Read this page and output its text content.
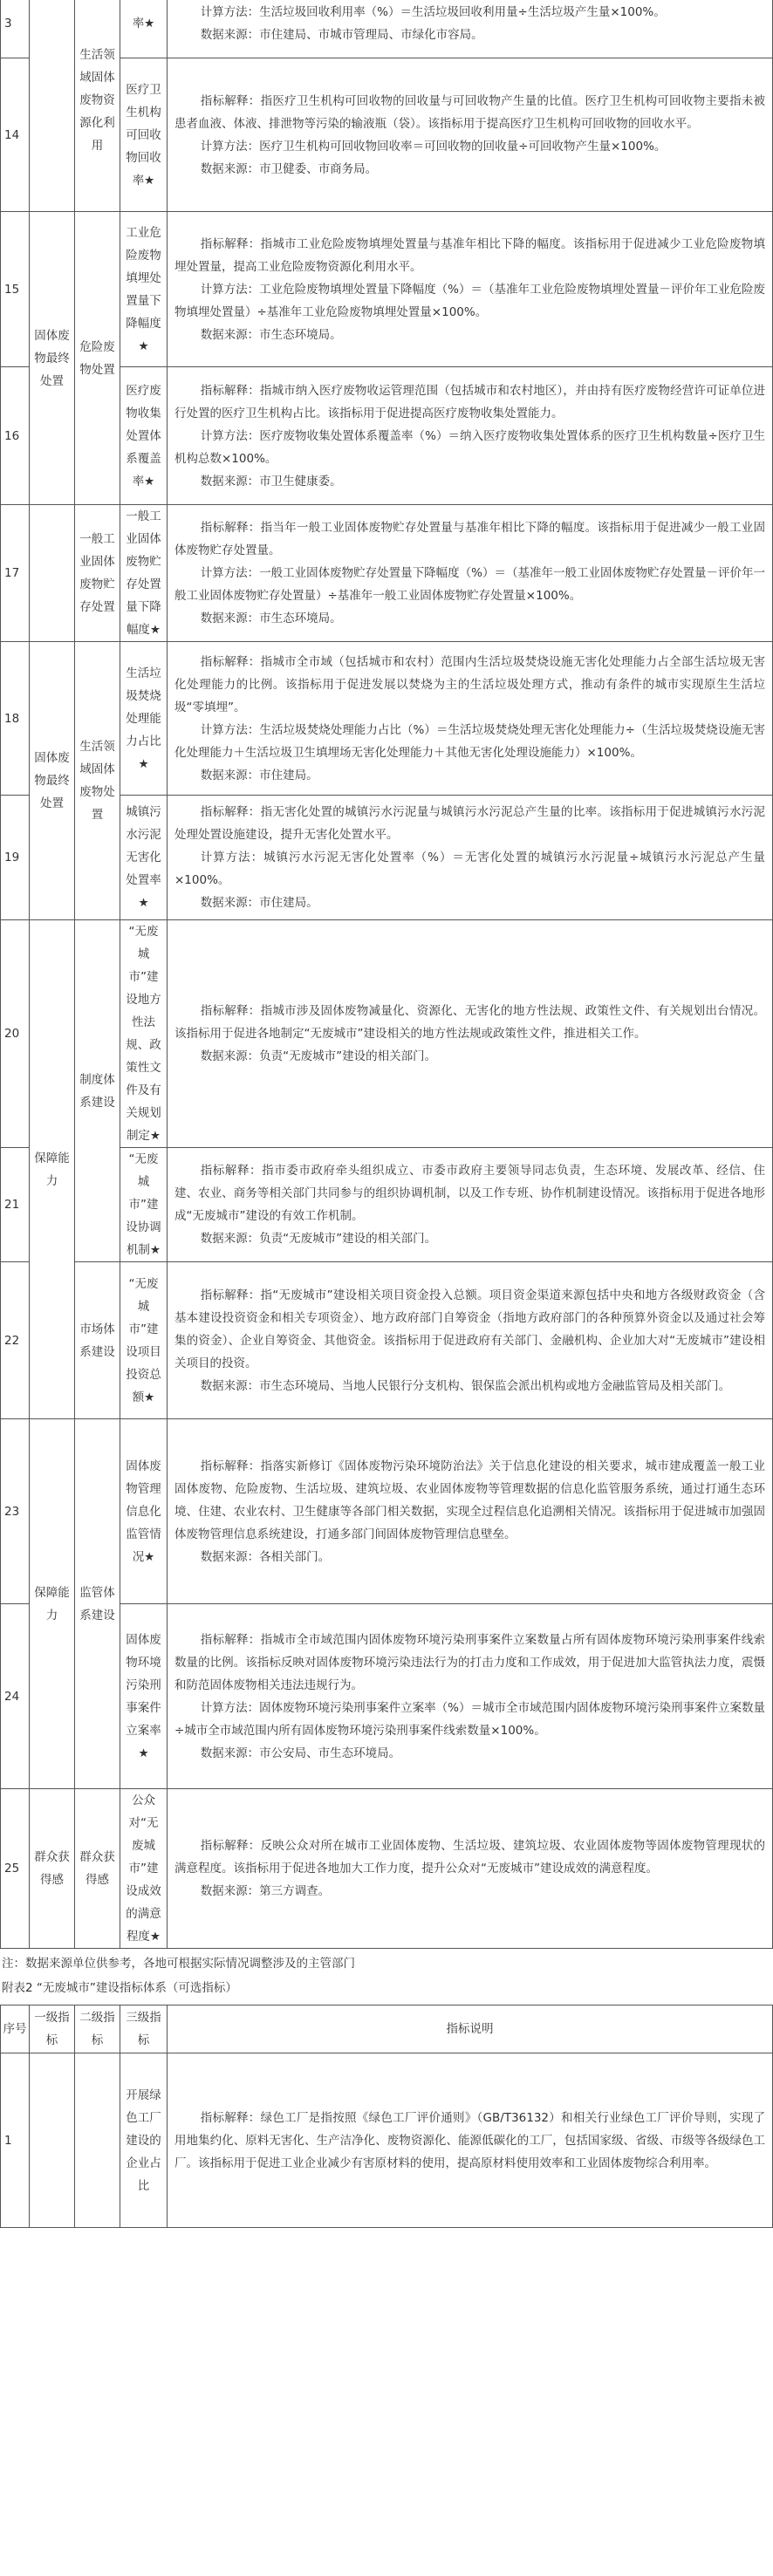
3		生活领域固体废物资源化利用	率★	计算方法：生活垃圾回收利用率（%）＝生活垃圾回收利用量÷生活垃圾产生量×100%。

数据来源：市住建局、市城市管理局、市绿化市容局。

14			医疗卫生机构可回收物回收率★	指标解释：指医疗卫生机构可回收物的回收量与可回收物产生量的比值。医疗卫生机构可回收物主要指未被患者血液、体液、排泄物等污染的输液瓶（袋）。该指标用于提高医疗卫生机构可回收物的回收水平。

计算方法：医疗卫生机构可回收物回收率＝可回收物的回收量÷可回收物产生量×100%。

数据来源：市卫健委、市商务局。

15	固体废物最终处置	危险废物处置	工业危险废物填埋处置量下降幅度★	指标解释：指城市工业危险废物填埋处置量与基准年相比下降的幅度。该指标用于促进减少工业危险废物填埋处置量，提高工业危险废物资源化利用水平。

计算方法：工业危险废物填埋处置量下降幅度（%）＝（基准年工业危险废物填埋处置量－评价年工业危险废物填埋处置量）÷基准年工业危险废物填埋处置量×100%。

数据来源：市生态环境局。

16			医疗废物收集处置体系覆盖率★	指标解释：指城市纳入医疗废物收运管理范围（包括城市和农村地区），并由持有医疗废物经营许可证单位进行处置的医疗卫生机构占比。该指标用于促进提高医疗废物收集处置能力。

计算方法：医疗废物收集处置体系覆盖率（%）＝纳入医疗废物收集处置体系的医疗卫生机构数量÷医疗卫生机构总数×100%。

数据来源：市卫生健康委。

17		一般工业固体废物贮存处置	一般工业固体废物贮存处置量下降幅度★	指标解释：指当年一般工业固体废物贮存处置量与基准年相比下降的幅度。该指标用于促进减少一般工业固体废物贮存处置量。

计算方法：一般工业固体废物贮存处置量下降幅度（%）＝（基准年一般工业固体废物贮存处置量－评价年一般工业固体废物贮存处置量）÷基准年一般工业固体废物贮存处置量×100%。

数据来源：市生态环境局。

18	固体废物最终处置	生活领域固体废物处置	生活垃圾焚烧处理能力占比★	指标解释：指城市全市域（包括城市和农村）范围内生活垃圾焚烧设施无害化处理能力占全部生活垃圾无害化处理能力的比例。该指标用于促进发展以焚烧为主的生活垃圾处理方式，推动有条件的城市实现原生生活垃圾“零填埋”。

计算方法：生活垃圾焚烧处理能力占比（%）＝生活垃圾焚烧处理无害化处理能力÷（生活垃圾焚烧设施无害化处理能力＋生活垃圾卫生填埋场无害化处理能力＋其他无害化处理设施能力）×100%。

数据来源：市住建局。

19			城镇污水污泥无害化处置率★	指标解释：指无害化处置的城镇污水污泥量与城镇污水污泥总产生量的比率。该指标用于促进城镇污水污泥处理处置设施建设，提升无害化处置水平。

计算方法：城镇污水污泥无害化处置率（%）＝无害化处置的城镇污水污泥量÷城镇污水污泥总产生量×100%。

数据来源：市住建局。

20	保障能力	制度体系建设	“无废城市”建设地方性法规、政策性文件及有关规划制定★	指标解释：指城市涉及固体废物减量化、资源化、无害化的地方性法规、政策性文件、有关规划出台情况。该指标用于促进各地制定“无废城市”建设相关的地方性法规或政策性文件，推进相关工作。

数据来源：负责“无废城市”建设的相关部门。

21			“无废城市”建设协调机制★	指标解释：指市委市政府牵头组织成立、市委市政府主要领导同志负责，生态环境、发展改革、经信、住建、农业、商务等相关部门共同参与的组织协调机制，以及工作专班、协作机制建设情况。该指标用于促进各地形成“无废城市”建设的有效工作机制。

数据来源：负责“无废城市”建设的相关部门。

22		市场体系建设	“无废城市”建设项目投资总额★	指标解释：指“无废城市”建设相关项目资金投入总额。项目资金渠道来源包括中央和地方各级财政资金（含基本建设投资资金和相关专项资金）、地方政府部门自筹资金（指地方政府部门的各种预算外资金以及通过社会筹集的资金）、企业自筹资金、其他资金。该指标用于促进政府有关部门、金融机构、企业加大对“无废城市”建设相关项目的投资。

数据来源：市生态环境局、当地人民银行分支机构、银保监会派出机构或地方金融监管局及相关部门。

23	保障能力	监管体系建设	固体废物管理信息化监管情况★	指标解释：指落实新修订《固体废物污染环境防治法》关于信息化建设的相关要求，城市建成覆盖一般工业固体废物、危险废物、生活垃圾、建筑垃圾、农业固体废物等管理数据的信息化监管服务系统，通过打通生态环境、住建、农业农村、卫生健康等各部门相关数据，实现全过程信息化追溯相关情况。该指标用于促进城市加强固体废物管理信息系统建设，打通多部门间固体废物管理信息壁垒。

数据来源：各相关部门。

24			固体废物环境污染刑事案件立案率★	指标解释：指城市全市域范围内固体废物环境污染刑事案件立案数量占所有固体废物环境污染刑事案件线索数量的比例。该指标反映对固体废物环境污染违法行为的打击力度和工作成效，用于促进加大监管执法力度，震慑和防范固体废物相关违法违规行为。

计算方法：固体废物环境污染刑事案件立案率（%）＝城市全市域范围内固体废物环境污染刑事案件立案数量÷城市全市域范围内所有固体废物环境污染刑事案件线索数量×100%。

数据来源：市公安局、市生态环境局。

25	群众获得感	群众获得感	公众对“无废城市”建设成效的满意程度★	指标解释：反映公众对所在城市工业固体废物、生活垃圾、建筑垃圾、农业固体废物等固体废物管理现状的满意程度。该指标用于促进各地加大工作力度，提升公众对“无废城市”建设成效的满意程度。

数据来源：第三方调查。

注：数据来源单位供参考，各地可根据实际情况调整涉及的主管部门

附表2 “无废城市”建设指标体系（可选指标）

序号	一级指标	二级指标	三级指标	指标说明
1			开展绿色工厂建设的企业占比	指标解释：绿色工厂是指按照《绿色工厂评价通则》（GB/T36132）和相关行业绿色工厂评价导则，实现了用地集约化、原料无害化、生产洁净化、废物资源化、能源低碳化的工厂，包括国家级、省级、市级等各级绿色工厂。该指标用于促进工业企业减少有害原材料的使用，提高原材料使用效率和工业固体废物综合利用率。
